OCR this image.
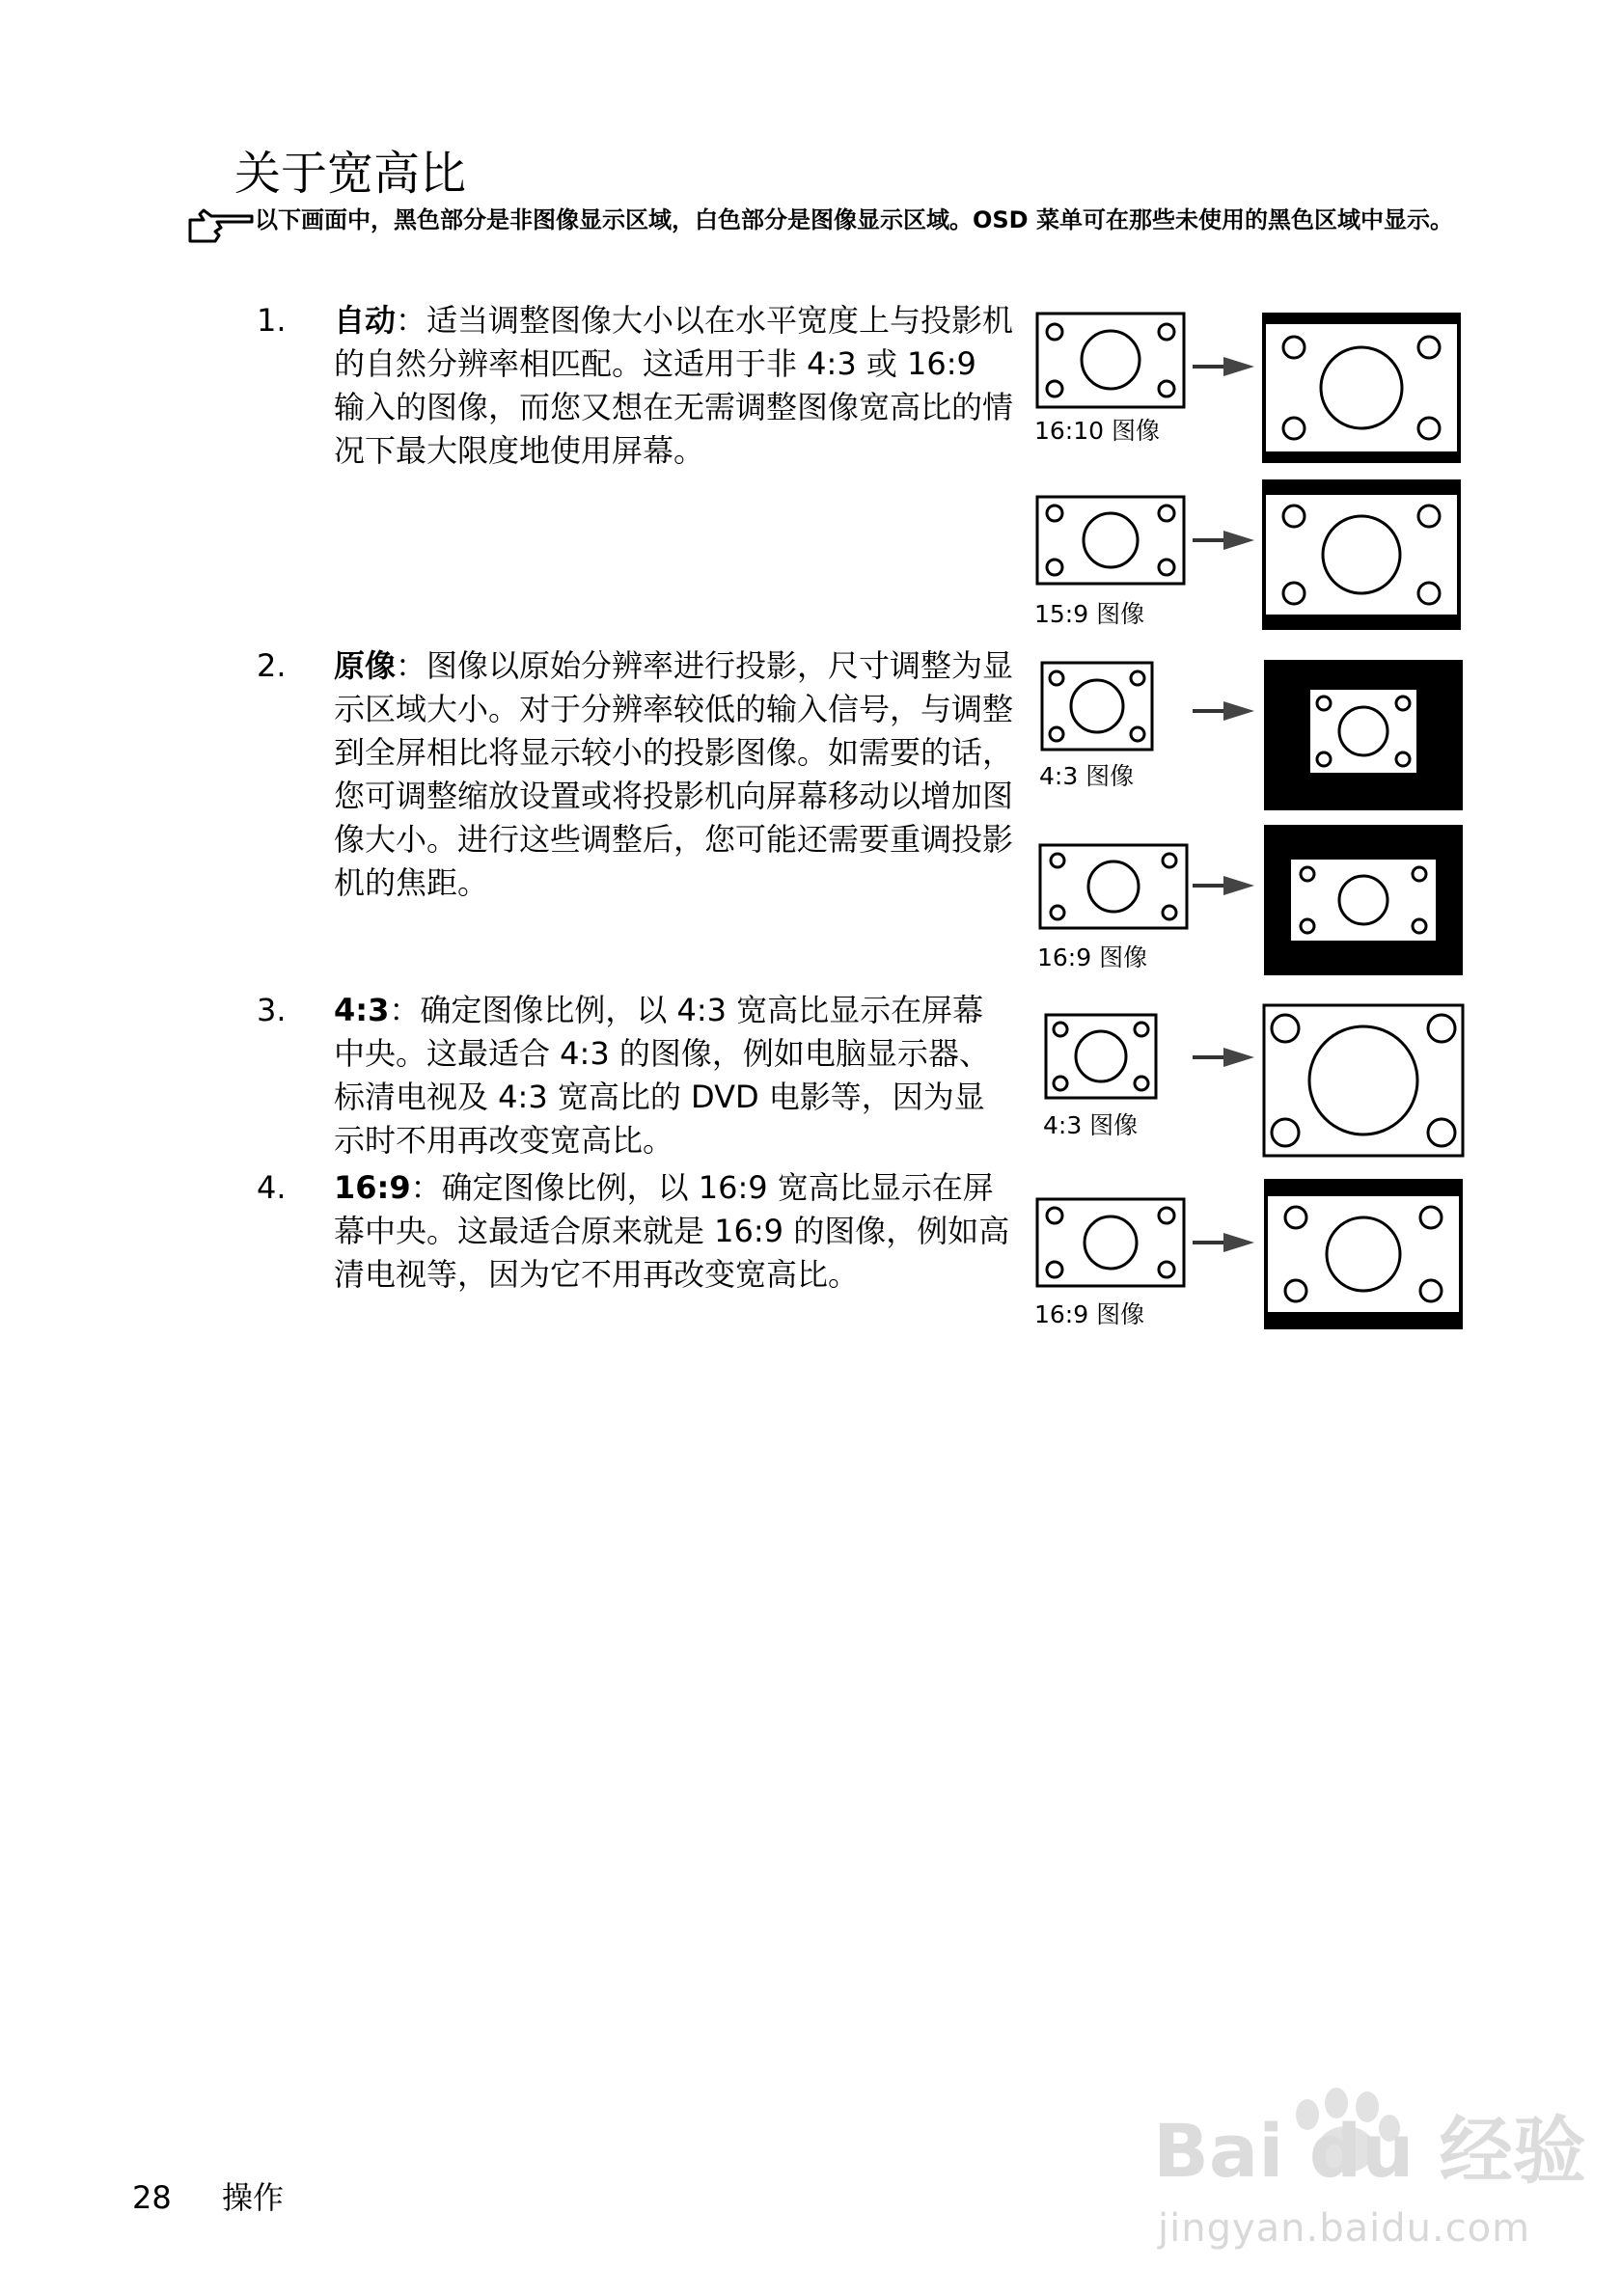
关于宽高比
以下画面中，黑色部分是非图像显示区域，白色部分是图像显示区域。OSD 菜单可在那些未使用的黑色区域中显示。
1. 自动：适当调整图像大小以在水平宽度上与投影机的自然分辨率相匹配。这适用于非 4:3 或 16:9 输入的图像，而您又想在无需调整图像宽高比的情况下最大限度地使用屏幕。
2. 原像：图像以原始分辨率进行投影，尺寸调整为显示区域大小。对于分辨率较低的输入信号，与调整到全屏相比将显示较小的投影图像。如需要的话，您可调整缩放设置或将投影机向屏幕移动以增加图像大小。进行这些调整后，您可能还需要重调投影机的焦距。
3. 4:3：确定图像比例，以 4:3 宽高比显示在屏幕中央。这最适合 4:3 的图像，例如电脑显示器、标清电视及 4:3 宽高比的 DVD 电影等，因为显示时不用再改变宽高比。
4. 16:9：确定图像比例，以 16:9 宽高比显示在屏幕中央。这最适合原来就是 16:9 的图像，例如高清电视等，因为它不用再改变宽高比。
16:10 图像
15:9 图像
4:3 图像
16:9 图像
4:3 图像
16:9 图像
28 操作
Bai du 经验
jingyan.baidu.com
